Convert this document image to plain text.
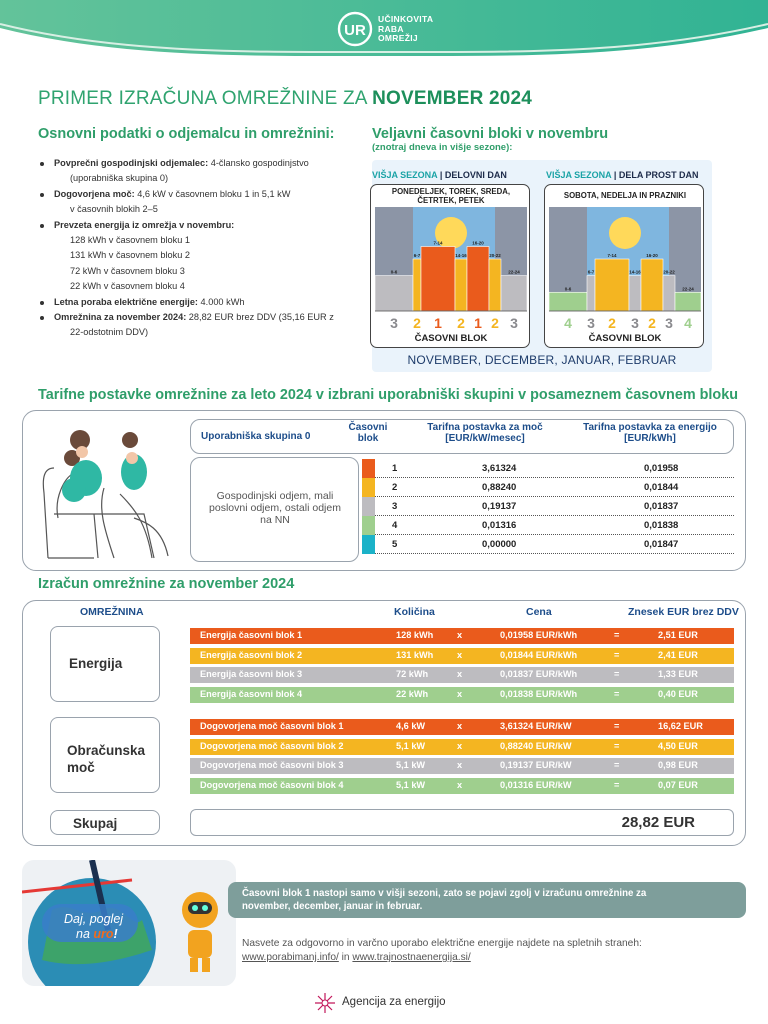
UR
UČINKOVITA
RABA
OMREŽIJ
PRIMER IZRAČUNA OMREŽNINE ZA NOVEMBER 2024
Osnovni podatki o odjemalcu in omrežnini:
Povprečni gospodinjski odjemalec: 4-člansko gospodinjstvo
(uporabniška skupina 0)
Dogovorjena moč: 4,6 kW v časovnem bloku 1 in 5,1 kW
v časovnih blokih 2–5
Prevzeta energija iz omrežja v novembru:
128 kWh v časovnem bloku 1
131 kWh v časovnem bloku 2
72 kWh v časovnem bloku 3
22 kWh v časovnem bloku 4
Letna poraba električne energije: 4.000 kWh
Omrežnina za november 2024: 28,82 EUR brez DDV (35,16 EUR z
22-odstotnim DDV)
Veljavni časovni bloki v novembru
(znotraj dneva in višje sezone):
VIŠJA SEZONA | DELOVNI DAN	VIŠJA SEZONA | DELA PROST DAN
0-6
3
6-7
2
7-14
1
14-16
2
16-20
1
20-22
2
22-24
3
PONEDELJEK, TOREK, SREDA, ČETRTEK, PETEK
ČASOVNI BLOK
0-6
4
6-7
3
7-14
2
14-16
3
16-20
2
20-22
3
22-24
4
SOBOTA, NEDELJA IN PRAZNIKI
ČASOVNI BLOK
NOVEMBER, DECEMBER, JANUAR, FEBRUAR
Tarifne postavke omrežnine za leto 2024 v izbrani uporabniški skupini v posameznem časovnem bloku
Uporabniška skupina 0
Časovni blok
Tarifna postavka za moč [EUR/kW/mesec]
Tarifna postavka za energijo [EUR/kWh]
Gospodinjski odjem, mali poslovni odjem, ostali odjem na NN
1	3,61324	0,01958
2	0,88240	0,01844
3	0,19137	0,01837
4	0,01316	0,01838
5	0,00000	0,01847
Izračun omrežnine za november 2024
OMREŽNINA	Količina	Cena	Znesek EUR brez DDV
Energija
Obračunska
moč
Skupaj
Energija časovni blok 1	128 kWh	x	0,01958 EUR/kWh	=	2,51 EUR
Energija časovni blok 2	131 kWh	x	0,01844 EUR/kWh	=	2,41 EUR
Energija časovni blok 3	72 kWh	x	0,01837 EUR/kWh	=	1,33 EUR
Energija časovni blok 4	22 kWh	x	0,01838 EUR/kWh	=	0,40 EUR
Dogovorjena moč časovni blok 1	4,6 kW	x	3,61324 EUR/kW	=	16,62 EUR
Dogovorjena moč časovni blok 2	5,1 kW	x	0,88240 EUR/kW	=	4,50 EUR
Dogovorjena moč časovni blok 3	5,1 kW	x	0,19137 EUR/kW	=	0,98 EUR
Dogovorjena moč časovni blok 4	5,1 kW	x	0,01316 EUR/kW	=	0,07 EUR
28,82 EUR
Daj, poglej
na uro!
Časovni blok 1 nastopi samo v višji sezoni, zato se pojavi zgolj v izračunu omrežnine za
november, december, januar in februar.
Nasvete za odgovorno in varčno uporabo električne energije najdete na spletnih straneh:
www.porabimanj.info/ in www.trajnostnaenergija.si/
Agencija za energijo
